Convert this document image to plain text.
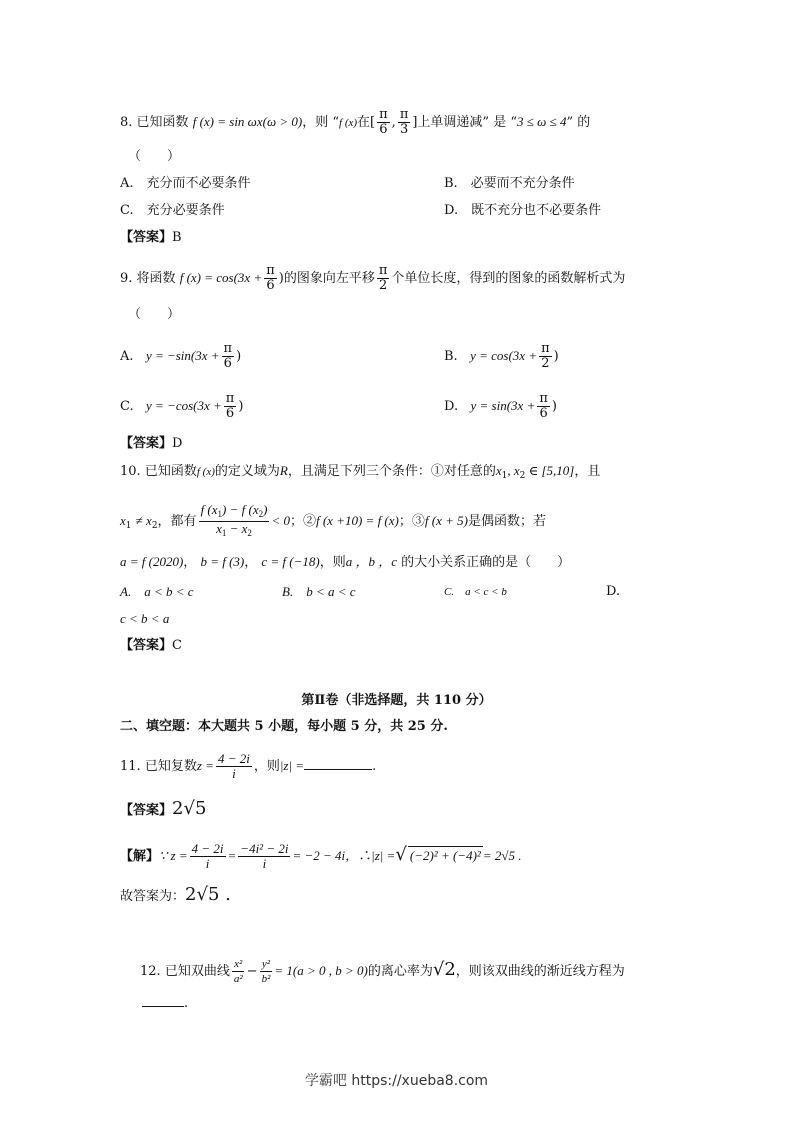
8. 已知函数 f (x) = sin ωx(ω > 0)，则 “f (x)在[ $\frac{\pi}{6}$ , $\frac{\pi}{3}$ ]上单调递减” 是 “3 ≤ ω ≤ 4” 的
（　　）
A.　充分而不必要条件	B.　必要而不充分条件
C.　充分必要条件	D.　既不充分也不必要条件
【答案】B
9. 将函数 f $(x) = \cos(3x + \frac{\pi}{6}$ )的图象向左平移 $\frac{\pi}{2}$ 个单位长度，得到的图象的函数解析式为
（　　）
A. $y = -\sin(3x + \frac{\pi}{6}$ )	B. $y = \cos(3x + \frac{\pi}{2}$ )
C. $y = -\cos(3x + \frac{\pi}{6}$ )	D. $y = \sin(3x + \frac{\pi}{6}$ )
【答案】D
10. 已知函数f (x)的定义域为R，且满足下列三个条件：①对任意的$x_1$, $x_2$ ∈ [5,10]，且
$x_1 \ne x_2$，都有 $\frac{f (x_1) - f (x_2)}{x_1 - x_2} < 0$；②f (x +10) = f (x)；③f (x + 5)是偶函数；若
a = f (2020)， b = f (3)， c = f (−18)，则a ，b ，c 的大小关系正确的是（　　）
A.　a < b < c	B.　b < a < c	C.　a < c < b	D.
c < b < a
【答案】C
第Ⅱ卷（非选择题，共 110 分）
二、填空题：本大题共 5 小题，每小题 5 分，共 25 分.
11. 已知复数$z = \frac{4 - 2i}{i}$ ，则|z| =	.
【答案】2√5
【解】∵ $z = \frac{4 - 2i}{i} = \frac{\text{−4i² − 2i}}{i} = -2 - 4i$，∴|z| =√ (−2)² + (−4)² = 2√5 .
故答案为：2√5 .
12. 已知双曲线 $\frac{\text{x²}}{\text{a²}} - \frac{\text{y²}}{\text{b²}} = 1(a > 0$ , b > 0)的离心率为√2，则该双曲线的渐近线方程为
.
学霸吧 https://xueba8.com
